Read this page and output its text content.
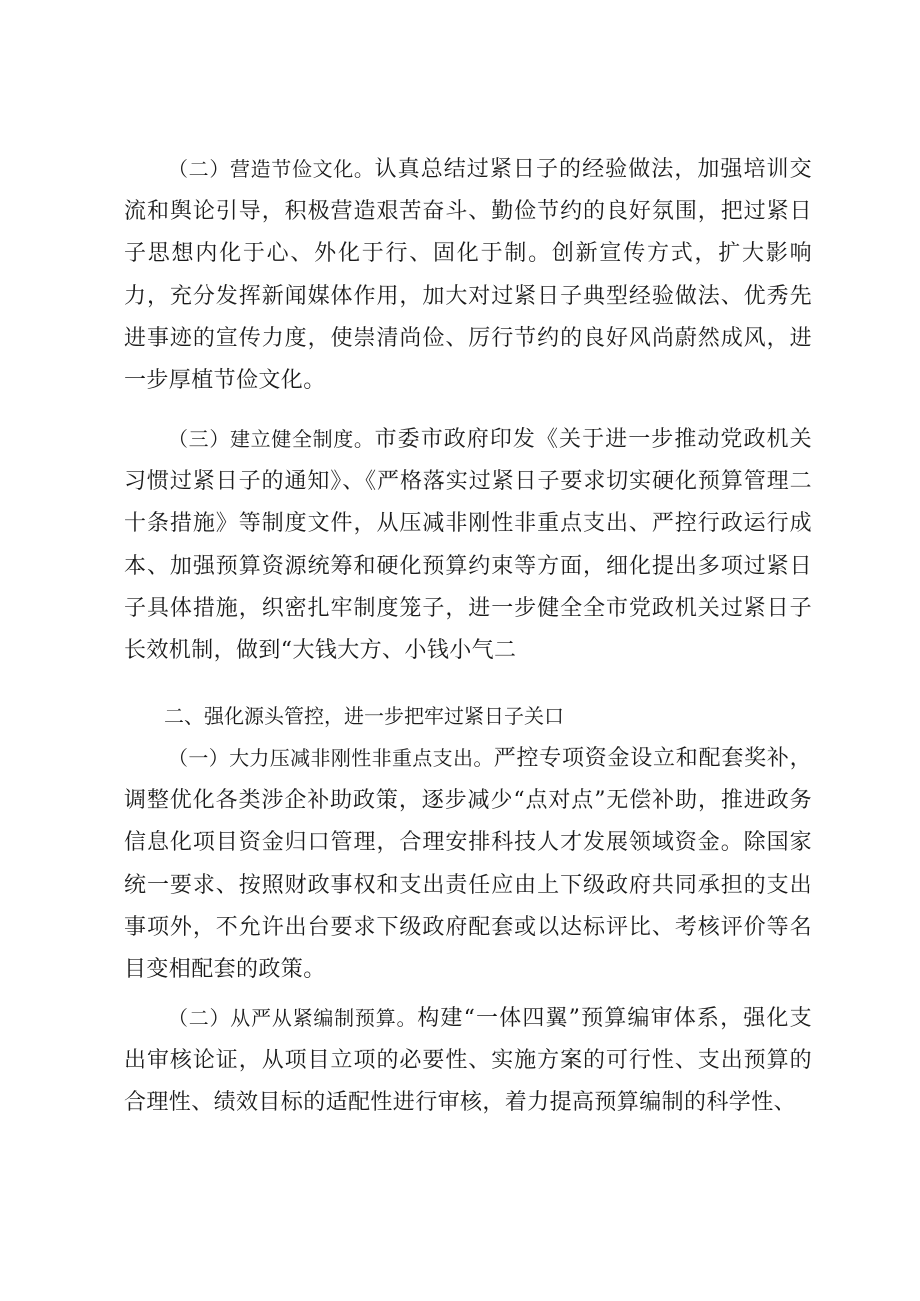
（二）营造节俭文化。认真总结过紧日子的经验做法，加强培训交流和舆论引导，积极营造艰苦奋斗、勤俭节约的良好氛围，把过紧日子思想内化于心、外化于行、固化于制。创新宣传方式，扩大影响力，充分发挥新闻媒体作用，加大对过紧日子典型经验做法、优秀先进事迹的宣传力度，使崇清尚俭、厉行节约的良好风尚蔚然成风，进一步厚植节俭文化。

（三）建立健全制度。市委市政府印发《关于进一步推动党政机关习惯过紧日子的通知》、《严格落实过紧日子要求切实硬化预算管理二十条措施》等制度文件，从压减非刚性非重点支出、严控行政运行成本、加强预算资源统筹和硬化预算约束等方面，细化提出多项过紧日子具体措施，织密扎牢制度笼子，进一步健全全市党政机关过紧日子长效机制，做到“大钱大方、小钱小气二

二、强化源头管控，进一步把牢过紧日子关口

（一）大力压减非刚性非重点支出。严控专项资金设立和配套奖补，调整优化各类涉企补助政策，逐步减少“点对点”无偿补助，推进政务信息化项目资金归口管理，合理安排科技人才发展领域资金。除国家统一要求、按照财政事权和支出责任应由上下级政府共同承担的支出事项外，不允许出台要求下级政府配套或以达标评比、考核评价等名目变相配套的政策。

（二）从严从紧编制预算。构建“一体四翼”预算编审体系，强化支出审核论证，从项目立项的必要性、实施方案的可行性、支出预算的合理性、绩效目标的适配性进行审核，着力提高预算编制的科学性、
